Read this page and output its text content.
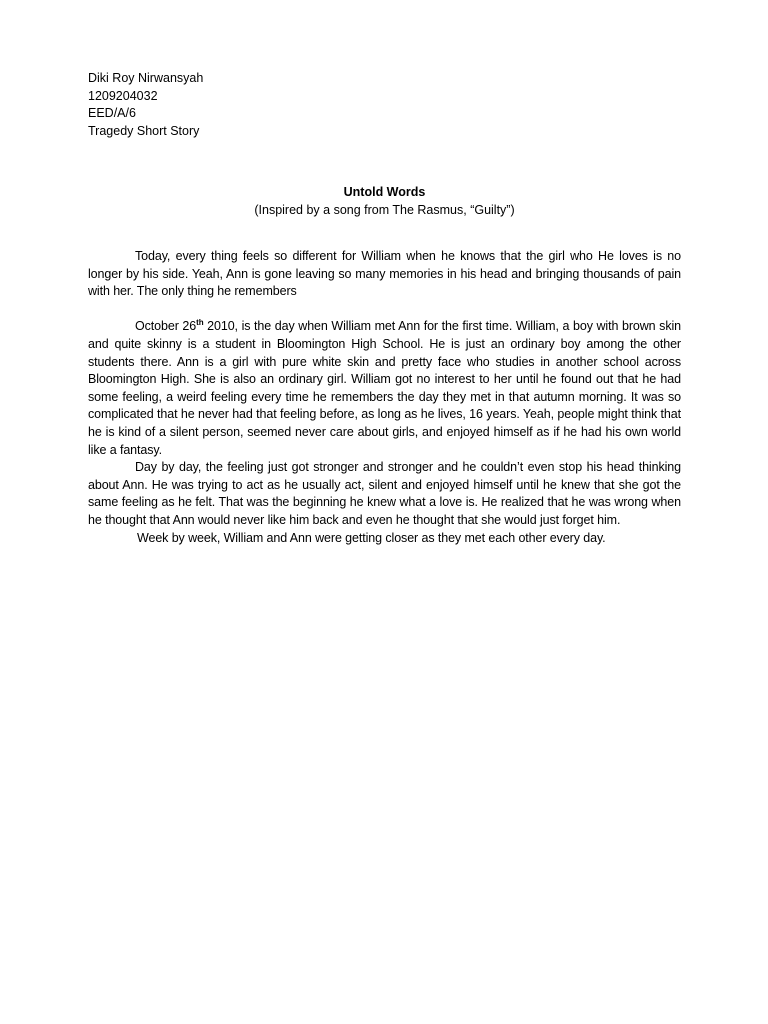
Diki Roy Nirwansyah
1209204032
EED/A/6
Tragedy Short Story
Untold Words
(Inspired by a song from The Rasmus, “Guilty”)

Today, every thing feels so different for William when he knows that the girl who He loves is no longer by his side. Yeah, Ann is gone leaving so many memories in his head and bringing thousands of pain with her. The only thing he remembers

October 26th 2010, is the day when William met Ann for the first time. William, a boy with brown skin and quite skinny is a student in Bloomington High School. He is just an ordinary boy among the other students there. Ann is a girl with pure white skin and pretty face who studies in another school across Bloomington High. She is also an ordinary girl. William got no interest to her until he found out that he had some feeling, a weird feeling every time he remembers the day they met in that autumn morning. It was so complicated that he never had that feeling before, as long as he lives, 16 years. Yeah, people might think that he is kind of a silent person, seemed never care about girls, and enjoyed himself as if he had his own world like a fantasy.

Day by day, the feeling just got stronger and stronger and he couldn’t even stop his head thinking about Ann. He was trying to act as he usually act, silent and enjoyed himself until he knew that she got the same feeling as he felt. That was the beginning he knew what a love is. He realized that he was wrong when he thought that Ann would never like him back and even he thought that she would just forget him.

Week by week, William and Ann were getting closer as they met each other every day.
